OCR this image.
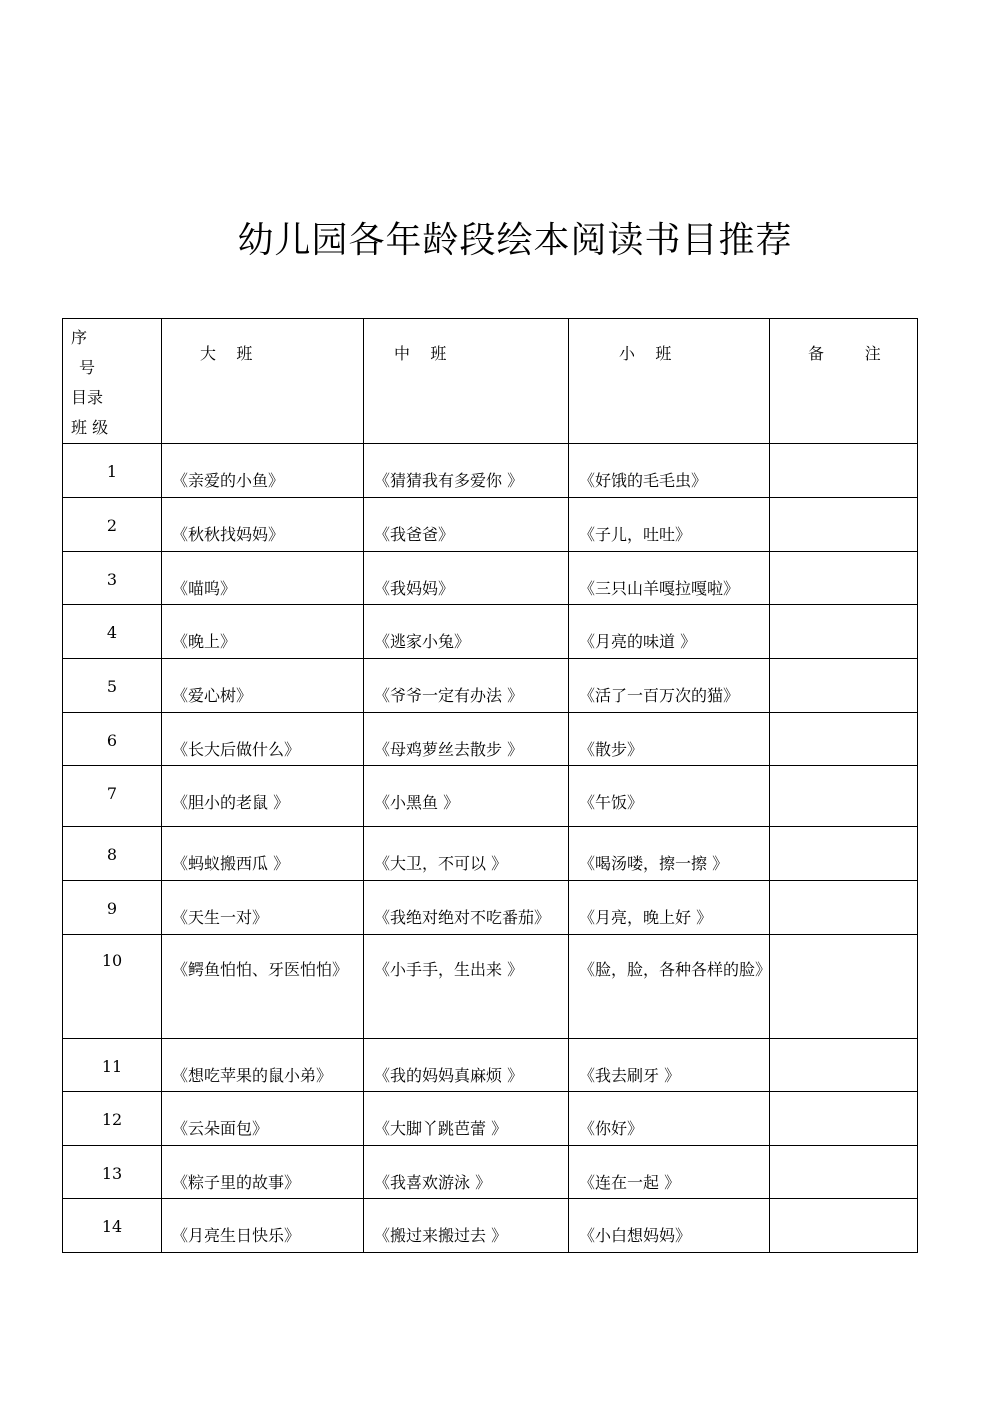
幼儿园各年龄段绘本阅读书目推荐
序
号
目录
班 级	大    班	中    班	小    班	备        注
1	《亲爱的小鱼》	《猜猜我有多爱你 》	《好饿的毛毛虫》	
2	《秋秋找妈妈》	《我爸爸》	《子儿，吐吐》	
3	《喵呜》	《我妈妈》	《三只山羊嘎拉嘎啦》	
4	《晚上》	《逃家小兔》	《月亮的味道 》	
5	《爱心树》	《爷爷一定有办法 》	《活了一百万次的猫》	
6	《长大后做什么》	《母鸡萝丝去散步 》	《散步》	
7	《胆小的老鼠 》	《小黑鱼 》	《午饭》	
8	《蚂蚁搬西瓜 》	《大卫，不可以 》	《喝汤喽，擦一擦 》	
9	《天生一对》	《我绝对绝对不吃番茄》	《月亮，晚上好 》	
10	《鳄鱼怕怕、牙医怕怕》	《小手手，生出来 》	《脸，脸，各种各样的脸》	
11	《想吃苹果的鼠小弟》	《我的妈妈真麻烦 》	《我去刷牙 》	
12	《云朵面包》	《大脚丫跳芭蕾 》	《你好》	
13	《粽子里的故事》	《我喜欢游泳 》	《连在一起 》	
14	《月亮生日快乐》	《搬过来搬过去 》	《小白想妈妈》	
